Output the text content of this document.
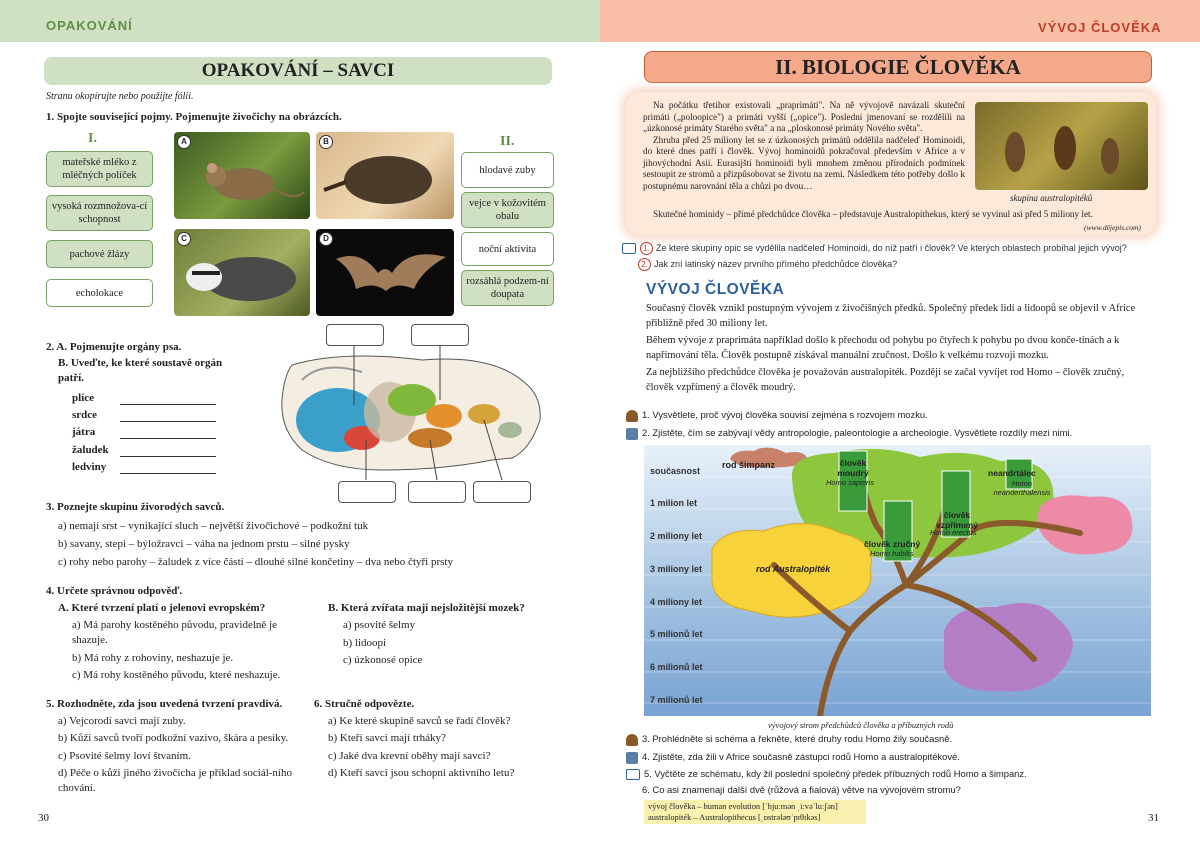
OPAKOVÁNÍ
OPAKOVÁNÍ – SAVCI
Stranu okopírujte nebo použijte fólii.
1. Spojte související pojmy. Pojmenujte živočichy na obrázcích.
I.	II.
mateřské mléko z mléčných políček
vysoká rozmnožova-cí schopnost
pachové žlázy
echolokace
hlodavé zuby
vejce v kožovitém obalu
noční aktivita
rozsáhlá podzem-ní doupata
A	B
C	D
2. A. Pojmenujte orgány psa.
B. Uveďte, ke které soustavě orgán patří.
plíce
srdce
játra
žaludek
ledviny
3. Poznejte skupinu živorodých savců.
a) nemají srst – vynikající sluch – největší živočichové – podkožní tuk
b) savany, stepi – býložravci – váha na jednom prstu – silné pysky
c) rohy nebo parohy – žaludek z více částí – dlouhé silné končetiny – dva nebo čtyři prsty
4. Určete správnou odpověď.
A. Které tvrzení platí o jelenovi evropském?
a) Má parohy kostěného původu, pravidelně je shazuje.
b) Má rohy z rohoviny, neshazuje je.
c) Má rohy kostěného původu, které neshazuje.
B. Která zvířata mají nejsložitější mozek?
a) psovité šelmy
b) lidoopi
c) úzkonosé opice
5. Rozhodněte, zda jsou uvedená tvrzení pravdivá.
a) Vejcorodí savci mají zuby.
b) Kůži savců tvoří podkožní vazivo, škára a pesíky.
c) Psovité šelmy loví štvaním.
d) Péče o kůži jiného živočicha je příklad sociál-ního chování.
6. Stručně odpovězte.
a) Ke které skupině savců se řadí člověk?
b) Kteří savci mají trháky?
c) Jaké dva krevní oběhy mají savci?
d) Kteří savci jsou schopni aktivního letu?
30
VÝVOJ ČLOVĚKA
II. BIOLOGIE ČLOVĚKA
Na počátku třetihor existovali „praprimáti". Na ně vývojově navázali skuteční primáti („poloopice") a primáti vyšší („opice"). Poslední jmenovaní se rozdělili na „úzkonosé primáty Starého světa" a na „ploskonosé primáty Nového světa".
Zhruba před 25 miliony let se z úzkonosých primátů oddělila nadčeleď Hominoidi, do které dnes patří i člověk. Vývoj hominoidů pokračoval především v Africe a v jihovýchodní Asii. Eurasijští hominoidi byli mnohem změnou přírodních podmínek sestoupit ze stromů a přizpůsobovat se životu na zemi. Následkem této potřeby došlo k postupnému narovnání těla a chůzi po dvou…
Skutečné hominidy – přímé předchůdce člověka – představuje Australopithekus, který se vyvinul asi před 5 miliony let.
skupina australopitéků
(www.dějepis.com)
1. Ze které skupiny opic se vydělila nadčeleď Hominoidi, do níž patří i člověk? Ve kterých oblastech probíhal jejich vývoj?
2. Jak zní latinský název prvního přímého předchůdce člověka?
VÝVOJ ČLOVĚKA
Současný člověk vznikl postupným vývojem z živočišných předků. Společný předek lidí a lidoopů se objevil v Africe přibližně před 30 miliony let.
Během vývoje z praprimáta například došlo k přechodu od pohybu po čtyřech k pohybu po dvou konče-tinách a k napřimování těla. Člověk postupně získával manuální zručnost. Došlo k velkému rozvoji mozku.
Za nejbližšího předchůdce člověka je považován australopiték. Později se začal vyvíjet rod Homo – člověk zručný, člověk vzpřímený a člověk moudrý.
1. Vysvětlete, proč vývoj člověka souvisí zejména s rozvojem mozku.
2. Zjistěte, čím se zabývají vědy antropologie, paleontologie a archeologie. Vysvětlete rozdíly mezi nimi.
současnost
1 milion let
2 miliony let
3 miliony let
4 miliony let
5 milionů let
6 milionů let
7 milionů let
rod šimpanz	člověk moudrý
Homo sapiens
neandrtálec
Homo neanderthalensis
člověk vzpřímený
Homo erectus
člověk zručný
Homo habilis
rod Australopiték
vývojový strom předchůdců člověka a příbuzných rodů
3. Prohlédněte si schéma a řekněte, které druhy rodu Homo žily současně.
4. Zjistěte, zda žili v Africe současně zástupci rodů Homo a australopitékové.
5. Vyčtěte ze schématu, kdy žil poslední společný předek příbuzných rodů Homo a šimpanz.
6. Co asi znamenají další dvě (růžová a fialová) větve na vývojovém stromu?
vývoj člověka – human evolution [ˈhjuːmən ˌiːvəˈluːʃən]
australopiték – Australopithecus [ˌɒstrələʊˈpɪθɪkəs]	31
